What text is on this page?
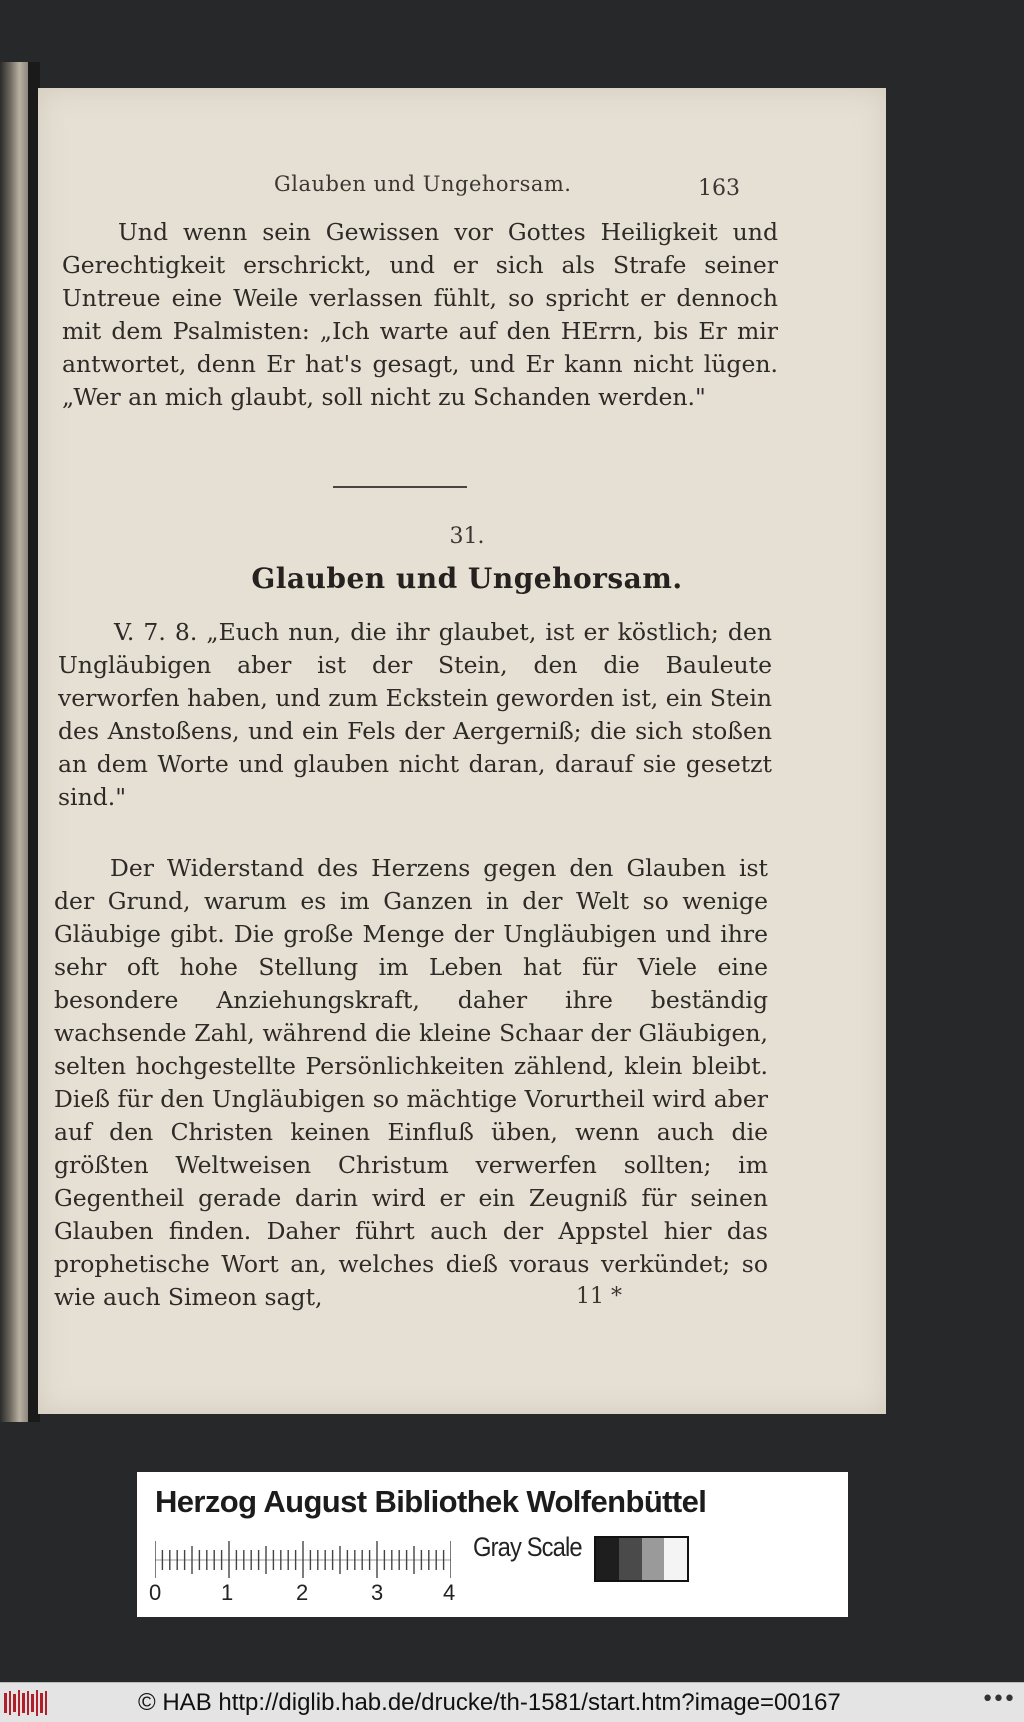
Glauben und Ungehorsam.	163

Und wenn sein Gewissen vor Gottes Heiligkeit und Gerechtigkeit erschrickt, und er sich als Strafe seiner Untreue eine Weile verlassen fühlt, so spricht er dennoch mit dem Psalmisten: „Ich warte auf den HErrn, bis Er mir antwortet, denn Er hat's gesagt, und Er kann nicht lügen. „Wer an mich glaubt, soll nicht zu Schanden werden."

31.
Glauben und Ungehorsam.

V. 7. 8. „Euch nun, die ihr glaubet, ist er köstlich; den Ungläubigen aber ist der Stein, den die Bauleute verworfen haben, und zum Eckstein geworden ist, ein Stein des Anstoßens, und ein Fels der Aergerniß; die sich stoßen an dem Worte und glauben nicht daran, darauf sie gesetzt sind."

Der Widerstand des Herzens gegen den Glauben ist der Grund, warum es im Ganzen in der Welt so wenige Gläubige gibt. Die große Menge der Ungläubigen und ihre sehr oft hohe Stellung im Leben hat für Viele eine besondere Anziehungskraft, daher ihre beständig wachsende Zahl, während die kleine Schaar der Gläubigen, selten hochgestellte Persönlichkeiten zählend, klein bleibt. Dieß für den Ungläubigen so mächtige Vorurtheil wird aber auf den Christen keinen Einfluß üben, wenn auch die größten Weltweisen Christum verwerfen sollten; im Gegentheil gerade darin wird er ein Zeugniß für seinen Glauben finden. Daher führt auch der Appstel hier das prophetische Wort an, welches dieß voraus verkündet; so wie auch Simeon sagt,	11 *
Herzog August Bibliothek Wolfenbüttel
0	1	2	3	4
Gray Scale
© HAB http://diglib.hab.de/drucke/th-1581/start.htm?image=00167	•••
